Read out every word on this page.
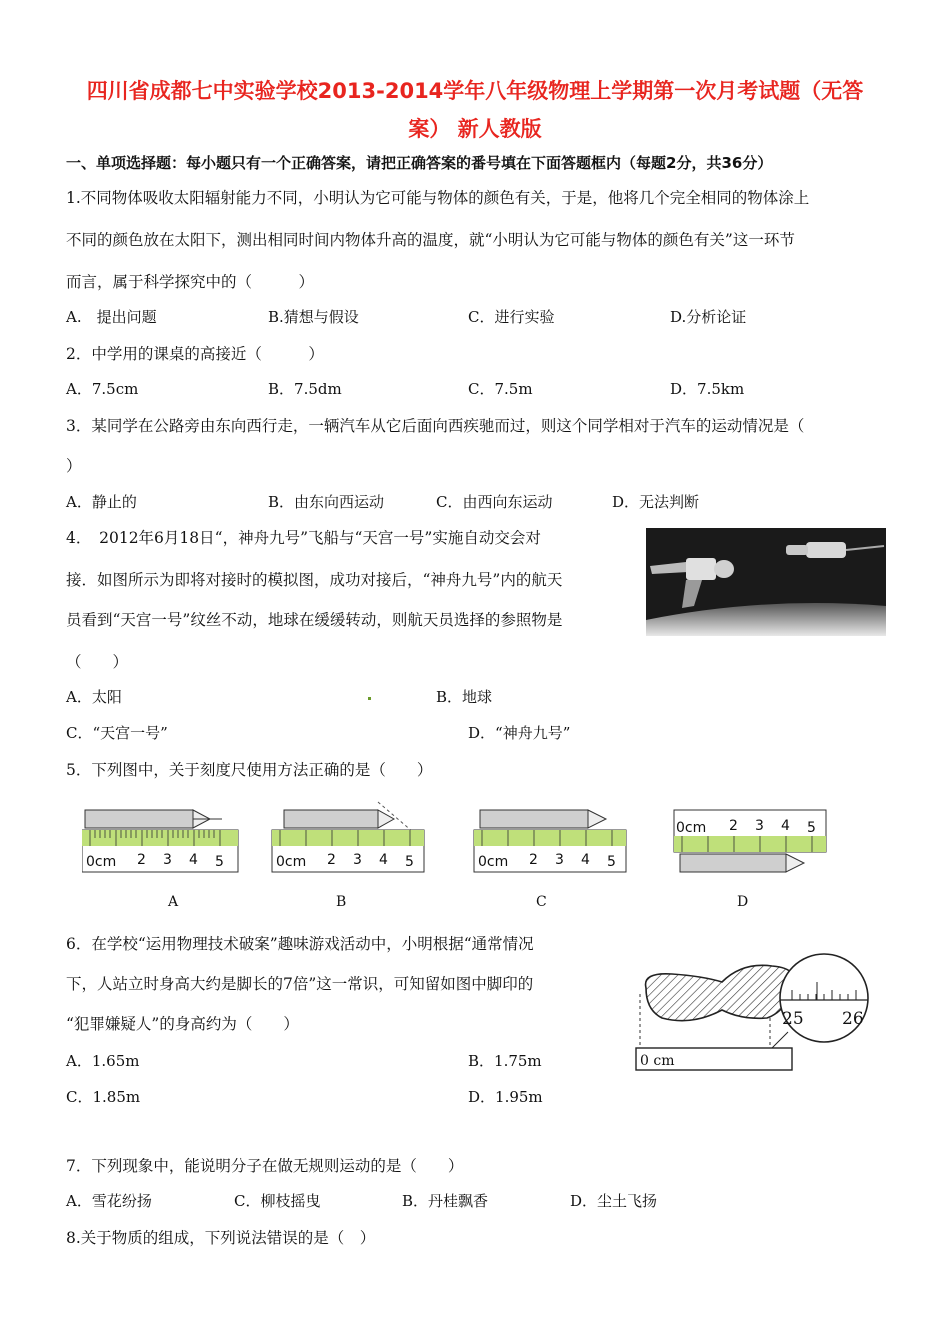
四川省成都七中实验学校2013-2014学年八年级物理上学期第一次月考试题（无答
案） 新人教版
一、单项选择题：每小题只有一个正确答案，请把正确答案的番号填在下面答题框内（每题2分，共36分）
1.不同物体吸收太阳辐射能力不同，小明认为它可能与物体的颜色有关，于是，他将几个完全相同的物体涂上
不同的颜色放在太阳下，测出相同时间内物体升高的温度，就“小明认为它可能与物体的颜色有关”这一环节
而言，属于科学探究中的（　　　）
A.　提出问题	B.猜想与假设	C．进行实验	D.分析论证
2．中学用的课桌的高接近（　　　）
A．7.5cm	B．7.5dm	C．7.5m	D．7.5km
3．某同学在公路旁由东向西行走，一辆汽车从它后面向西疾驰而过，则这个同学相对于汽车的运动情况是（
）
A．静止的	B．由东向西运动	C．由西向东运动	D．无法判断
4．　2012年6月18日“，神舟九号”飞船与“天宫一号”实施自动交会对
接．如图所示为即将对接时的模拟图，成功对接后，“神舟九号”内的航天
员看到“天宫一号”纹丝不动，地球在缓缓转动，则航天员选择的参照物是
（　　）
A．太阳	B．地球
C．“天宫一号”	D．“神舟九号”
5．下列图中，关于刻度尺使用方法正确的是（　　）
0cm 2 3 4 5	0cm 2 3 4 5	0cm 2 3 4 5
0cm 2 3 4 5
A	B	C	D
6．在学校“运用物理技术破案”趣味游戏活动中，小明根据“通常情况
下，人站立时身高大约是脚长的7倍”这一常识，可知留如图中脚印的
“犯罪嫌疑人”的身高约为（　　）	25 26
0 cm
A．1.65m	B．1.75m
C．1.85m	D．1.95m
7．下列现象中，能说明分子在做无规则运动的是（　　）
A．雪花纷扬	C．柳枝摇曳	B．丹桂飘香	D．尘土飞扬
8.关于物质的组成，下列说法错误的是（　）
